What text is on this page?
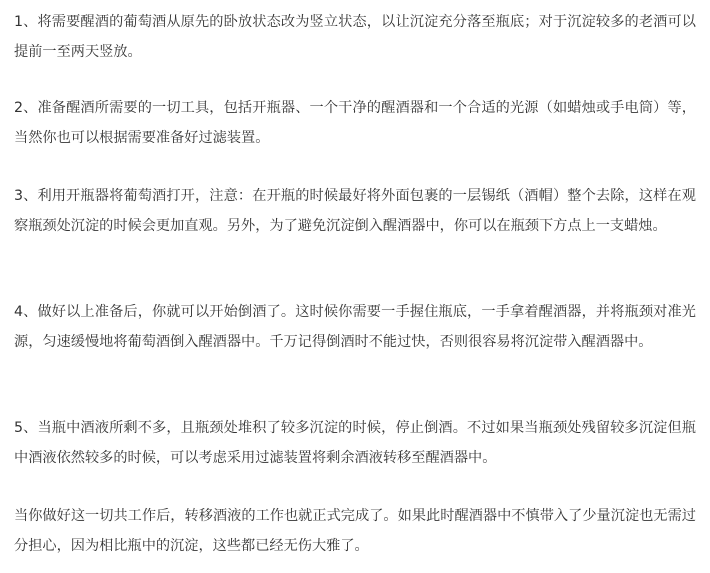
1、将需要醒酒的葡萄酒从原先的卧放状态改为竖立状态，以让沉淀充分落至瓶底；对于沉淀较多的老酒可以提前一至两天竖放。

2、准备醒酒所需要的一切工具，包括开瓶器、一个干净的醒酒器和一个合适的光源（如蜡烛或手电筒）等，当然你也可以根据需要准备好过滤装置。

3、利用开瓶器将葡萄酒打开，注意：在开瓶的时候最好将外面包裹的一层锡纸（酒帽）整个去除，这样在观察瓶颈处沉淀的时候会更加直观。另外，为了避免沉淀倒入醒酒器中，你可以在瓶颈下方点上一支蜡烛。

4、做好以上准备后，你就可以开始倒酒了。这时候你需要一手握住瓶底，一手拿着醒酒器，并将瓶颈对准光源，匀速缓慢地将葡萄酒倒入醒酒器中。千万记得倒酒时不能过快，否则很容易将沉淀带入醒酒器中。

5、当瓶中酒液所剩不多，且瓶颈处堆积了较多沉淀的时候，停止倒酒。不过如果当瓶颈处残留较多沉淀但瓶中酒液依然较多的时候，可以考虑采用过滤装置将剩余酒液转移至醒酒器中。

当你做好这一切共工作后，转移酒液的工作也就正式完成了。如果此时醒酒器中不慎带入了少量沉淀也无需过分担心，因为相比瓶中的沉淀，这些都已经无伤大雅了。
